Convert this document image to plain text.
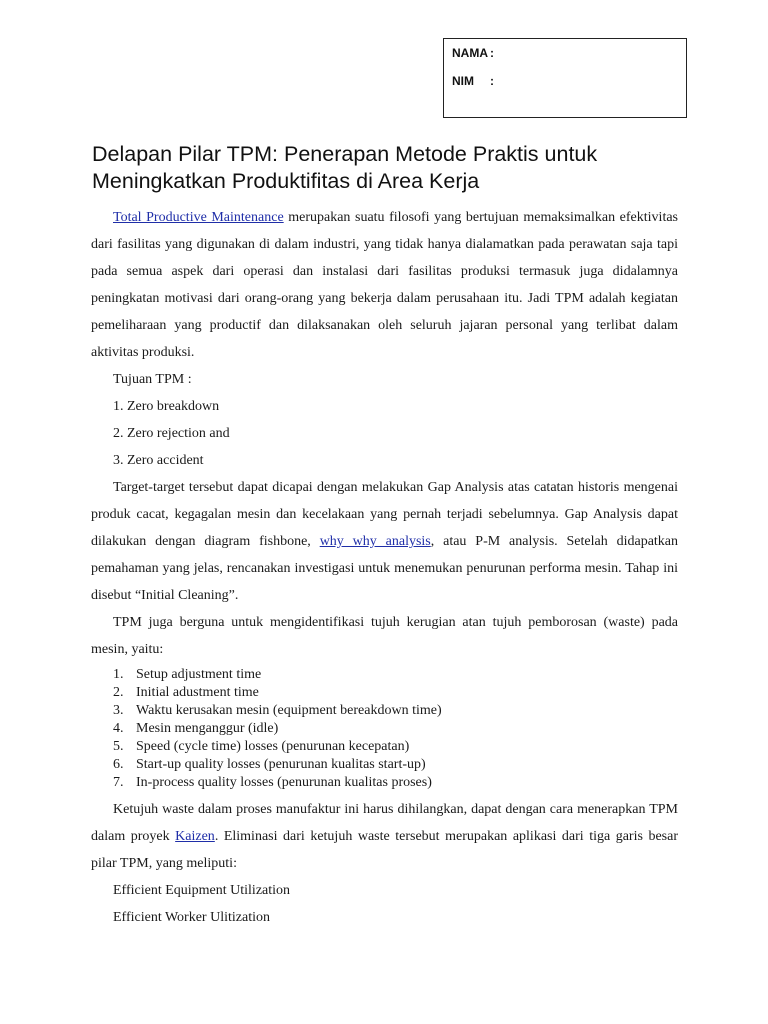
NAMA :
NIM :
Delapan Pilar TPM: Penerapan Metode Praktis untuk
Meningkatkan Produktifitas di Area Kerja

Total Productive Maintenance merupakan suatu filosofi yang bertujuan memaksimalkan efektivitas dari fasilitas yang digunakan di dalam industri, yang tidak hanya dialamatkan pada perawatan saja tapi pada semua aspek dari operasi dan instalasi dari fasilitas produksi termasuk juga didalamnya peningkatan motivasi dari orang-orang yang bekerja dalam perusahaan itu. Jadi TPM adalah kegiatan pemeliharaan yang productif dan dilaksanakan oleh seluruh jajaran personal yang terlibat dalam aktivitas produksi.

Tujuan TPM :

1. Zero breakdown

2. Zero rejection and

3. Zero accident

Target-target tersebut dapat dicapai dengan melakukan Gap Analysis atas catatan historis mengenai produk cacat, kegagalan mesin dan kecelakaan yang pernah terjadi sebelumnya. Gap Analysis dapat dilakukan dengan diagram fishbone, why why analysis, atau P-M analysis. Setelah didapatkan pemahaman yang jelas, rencanakan investigasi untuk menemukan penurunan performa mesin. Tahap ini disebut “Initial Cleaning”.

TPM juga berguna untuk mengidentifikasi tujuh kerugian atan tujuh pemborosan (waste) pada mesin, yaitu:

1. Setup adjustment time
2. Initial adustment time
3. Waktu kerusakan mesin (equipment bereakdown time)
4. Mesin menganggur (idle)
5. Speed (cycle time) losses (penurunan kecepatan)
6. Start-up quality losses (penurunan kualitas start-up)
7. In-process quality losses (penurunan kualitas proses)

Ketujuh waste dalam proses manufaktur ini harus dihilangkan, dapat dengan cara menerapkan TPM dalam proyek Kaizen. Eliminasi dari ketujuh waste tersebut merupakan aplikasi dari tiga garis besar pilar TPM, yang meliputi:

Efficient Equipment Utilization

Efficient Worker Ulitization
